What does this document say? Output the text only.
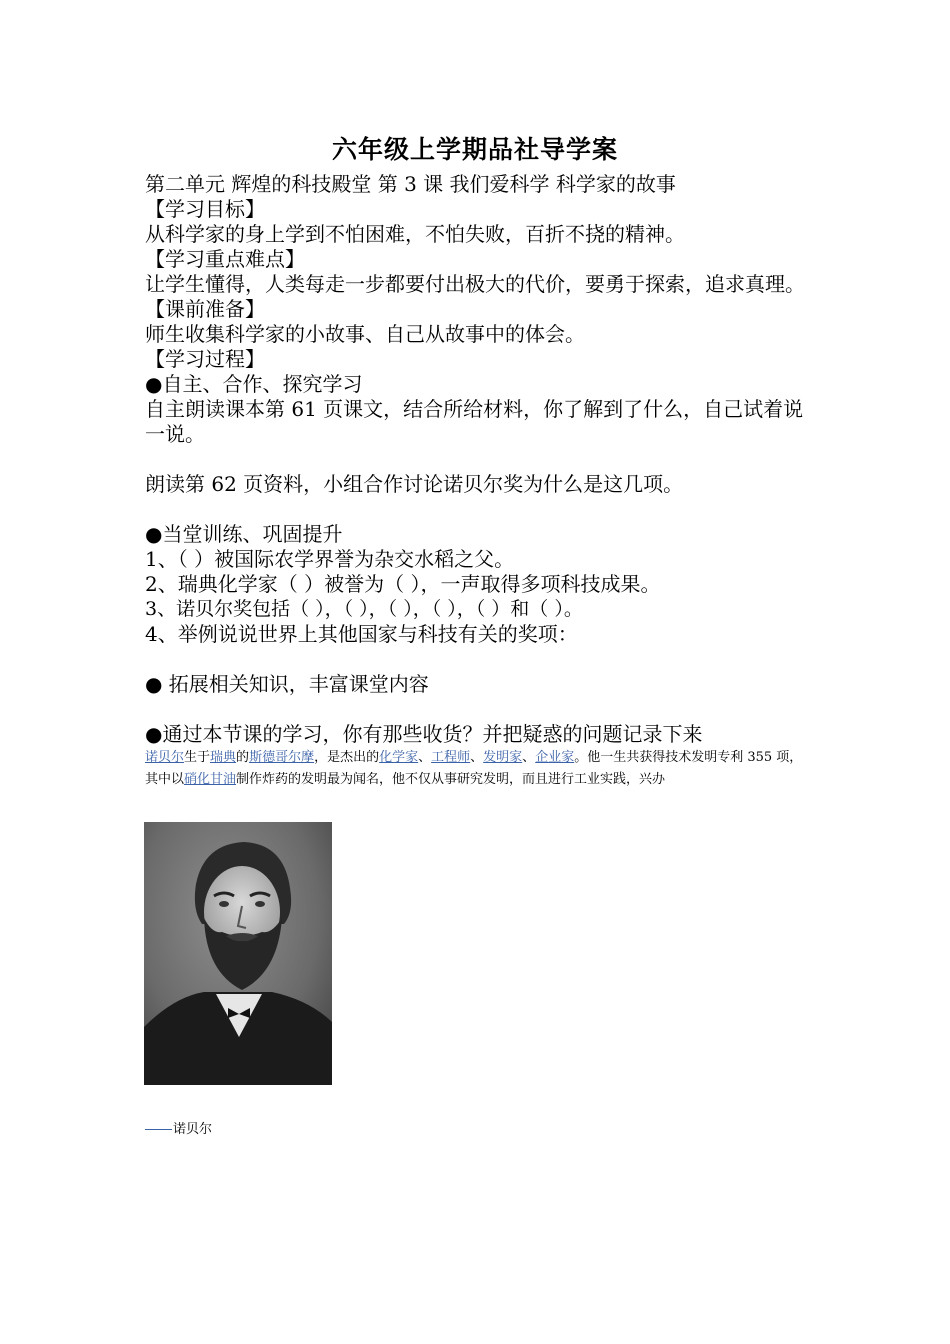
六年级上学期品社导学案

第二单元 辉煌的科技殿堂 第 3 课 我们爱科学 科学家的故事

【学习目标】

从科学家的身上学到不怕困难，不怕失败，百折不挠的精神。

【学习重点难点】

让学生懂得，人类每走一步都要付出极大的代价，要勇于探索，追求真理。

【课前准备】

师生收集科学家的小故事、自己从故事中的体会。

【学习过程】

●自主、合作、探究学习

自主朗读课本第 61 页课文，结合所给材料，你了解到了什么，自己试着说一说。

朗读第 62 页资料，小组合作讨论诺贝尔奖为什么是这几项。

●当堂训练、巩固提升

1、（ ）被国际农学界誉为杂交水稻之父。

2、瑞典化学家（ ）被誉为（ ），一声取得多项科技成果。

3、诺贝尔奖包括（ ），（ ），（ ），（ ），（ ）和（ ）。

4、举例说说世界上其他国家与科技有关的奖项：

● 拓展相关知识，丰富课堂内容

●通过本节课的学习，你有那些收货？并把疑惑的问题记录下来

诺贝尔生于瑞典的斯德哥尔摩，是杰出的化学家、工程师、发明家、企业家。他一生共获得技术发明专利 355 项，其中以硝化甘油制作炸药的发明最为闻名，他不仅从事研究发明，而且进行工业实践，兴办

诺贝尔
